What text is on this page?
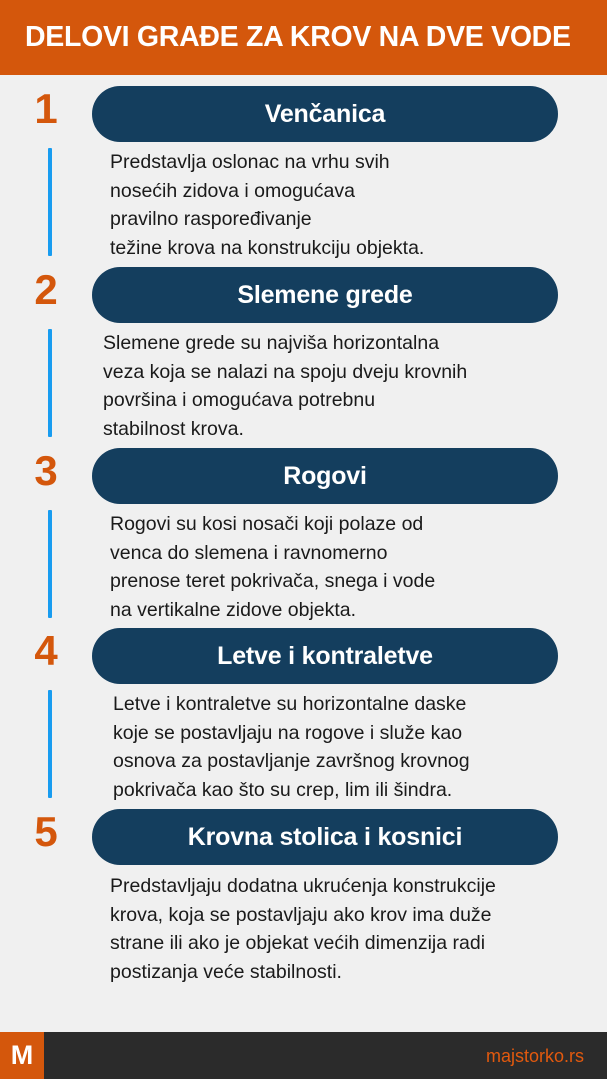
DELOVI GRAĐE ZA KROV NA DVE VODE
1	Venčanica
Predstavlja oslonac na vrhu svih
nosećih zidova i omogućava
pravilno raspoređivanje
težine krova na konstrukciju objekta.
2	Slemene grede
Slemene grede su najviša horizontalna
veza koja se nalazi na spoju dveju krovnih
površina i omogućava potrebnu
stabilnost krova.
3	Rogovi
Rogovi su kosi nosači koji polaze od
venca do slemena i ravnomerno
prenose teret pokrivača, snega i vode
na vertikalne zidove objekta.
4	Letve i kontraletve
Letve i kontraletve su horizontalne daske
koje se postavljaju na rogove i služe kao
osnova za postavljanje završnog krovnog
pokrivača kao što su crep, lim ili šindra.
5	Krovna stolica i kosnici
Predstavljaju dodatna ukrućenja konstrukcije
krova, koja se postavljaju ako krov ima duže
strane ili ako je objekat većih dimenzija radi
postizanja veće stabilnosti.
M	majstorko.rs
